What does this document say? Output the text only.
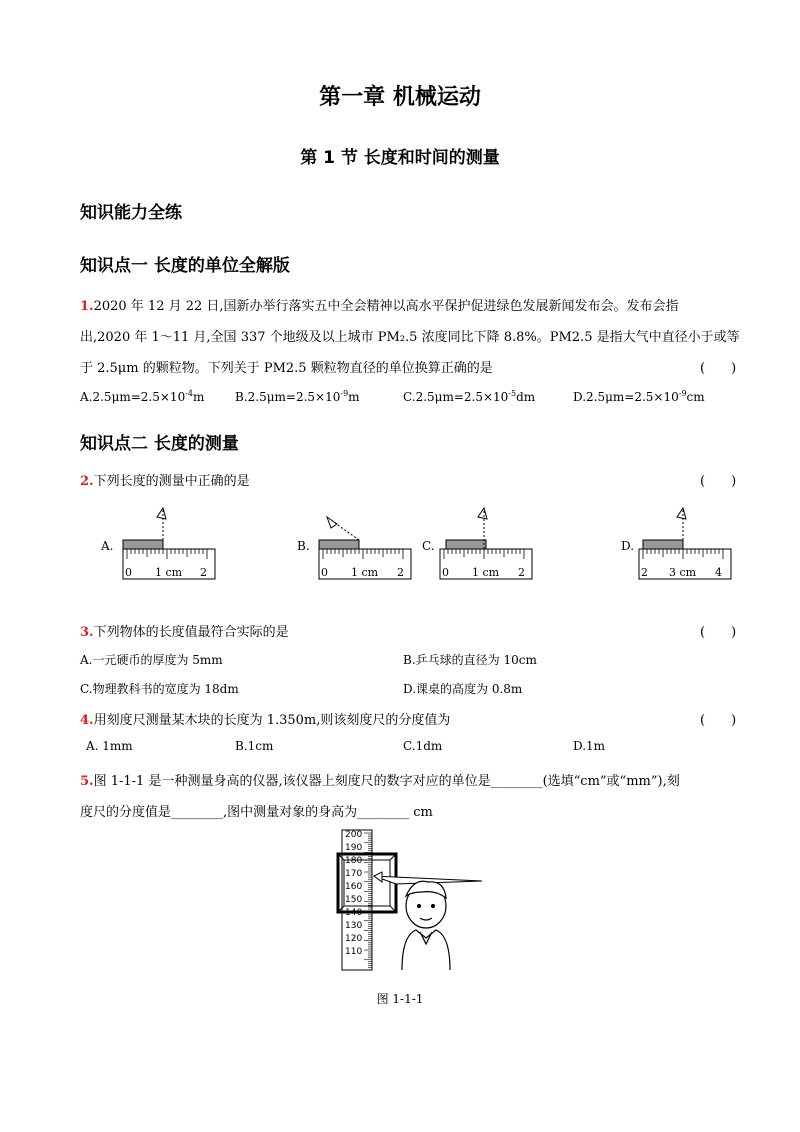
第一章 机械运动
第 1 节 长度和时间的测量
知识能力全练
知识点一 长度的单位全解版
1.2020 年 12 月 22 日,国新办举行落实五中全会精神以高水平保护促进绿色发展新闻发布会。发布会指
出,2020 年 1～11 月,全国 337 个地级及以上城市 PM₂.5 浓度同比下降 8.8%。PM2.5 是指大气中直径小于或等
于 2.5μm 的颗粒物。下列关于 PM2.5 颗粒物直径的单位换算正确的是	(　　)
$A.2.5\mu m=2.5\times 10^{-4}m$	$B.2.5\mu m=2.5\times 10^{-9}m$	$C.2.5\mu m=2.5\times 10^{-5}dm$	$D.2.5\mu m=2.5\times 10^{-9}cm$
知识点二 长度的测量
2.下列长度的测量中正确的是	(　　)
A.
0 1 cm 2
B.
0 1 cm 2
C.
0 1 cm 2
D.
2 3 cm 4
3.下列物体的长度值最符合实际的是	(　　)
A.一元硬币的厚度为 5mm	B.乒乓球的直径为 10cm
C.物理教科书的宽度为 18dm	D.课桌的高度为 0.8m
4.用刻度尺测量某木块的长度为 1.350m,则该刻度尺的分度值为	(　　)
A. 1mm	B.1cm	C.1dm	D.1m
5.图 1-1-1 是一种测量身高的仪器,该仪器上刻度尺的数字对应的单位是________(选填“cm”或“mm”),刻
度尺的分度值是________,图中测量对象的身高为________ cm
200
190
180
170
160
150
140
130
120
110
图 1-1-1
